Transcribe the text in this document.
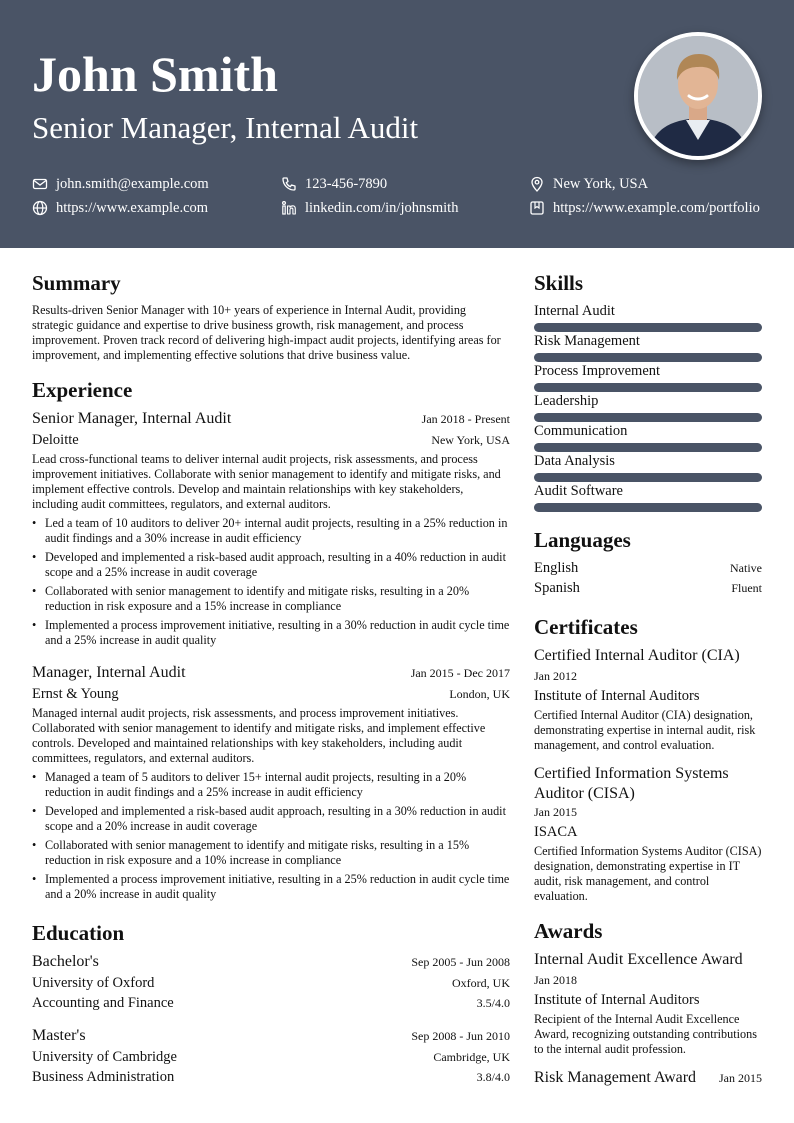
John Smith
Senior Manager, Internal Audit
john.smith@example.com	123-456-7890	New York, USA
https://www.example.com	linkedin.com/in/johnsmith	https://www.example.com/portfolio
Summary
Results-driven Senior Manager with 10+ years of experience in Internal Audit, providing strategic guidance and expertise to drive business growth, risk management, and process improvement. Proven track record of delivering high-impact audit projects, identifying areas for improvement, and implementing effective solutions that drive business value.
Experience
Senior Manager, Internal Audit	Jan 2018 - Present
Deloitte	New York, USA
Lead cross-functional teams to deliver internal audit projects, risk assessments, and process improvement initiatives. Collaborate with senior management to identify and mitigate risks, and implement effective controls. Develop and maintain relationships with key stakeholders, including audit committees, regulators, and external auditors.
• Led a team of 10 auditors to deliver 20+ internal audit projects, resulting in a 25% reduction in audit findings and a 30% increase in audit efficiency
• Developed and implemented a risk-based audit approach, resulting in a 40% reduction in audit scope and a 25% increase in audit coverage
• Collaborated with senior management to identify and mitigate risks, resulting in a 20% reduction in risk exposure and a 15% increase in compliance
• Implemented a process improvement initiative, resulting in a 30% reduction in audit cycle time and a 25% increase in audit quality
Manager, Internal Audit	Jan 2015 - Dec 2017
Ernst & Young	London, UK
Managed internal audit projects, risk assessments, and process improvement initiatives. Collaborated with senior management to identify and mitigate risks, and implement effective controls. Developed and maintained relationships with key stakeholders, including audit committees, regulators, and external auditors.
• Managed a team of 5 auditors to deliver 15+ internal audit projects, resulting in a 20% reduction in audit findings and a 25% increase in audit efficiency
• Developed and implemented a risk-based audit approach, resulting in a 30% reduction in audit scope and a 20% increase in audit coverage
• Collaborated with senior management to identify and mitigate risks, resulting in a 15% reduction in risk exposure and a 10% increase in compliance
• Implemented a process improvement initiative, resulting in a 25% reduction in audit cycle time and a 20% increase in audit quality
Education
Bachelor's	Sep 2005 - Jun 2008
University of Oxford	Oxford, UK
Accounting and Finance	3.5/4.0
Master's	Sep 2008 - Jun 2010
University of Cambridge	Cambridge, UK
Business Administration	3.8/4.0
Skills
Internal Audit
Risk Management
Process Improvement
Leadership
Communication
Data Analysis
Audit Software
Languages
English	Native
Spanish	Fluent
Certificates
Certified Internal Auditor (CIA)
Jan 2012
Institute of Internal Auditors
Certified Internal Auditor (CIA) designation, demonstrating expertise in internal audit, risk management, and control evaluation.
Certified Information Systems Auditor (CISA)
Jan 2015
ISACA
Certified Information Systems Auditor (CISA) designation, demonstrating expertise in IT audit, risk management, and control evaluation.
Awards
Internal Audit Excellence Award
Jan 2018
Institute of Internal Auditors
Recipient of the Internal Audit Excellence Award, recognizing outstanding contributions to the internal audit profession.
Risk Management Award Jan 2015
